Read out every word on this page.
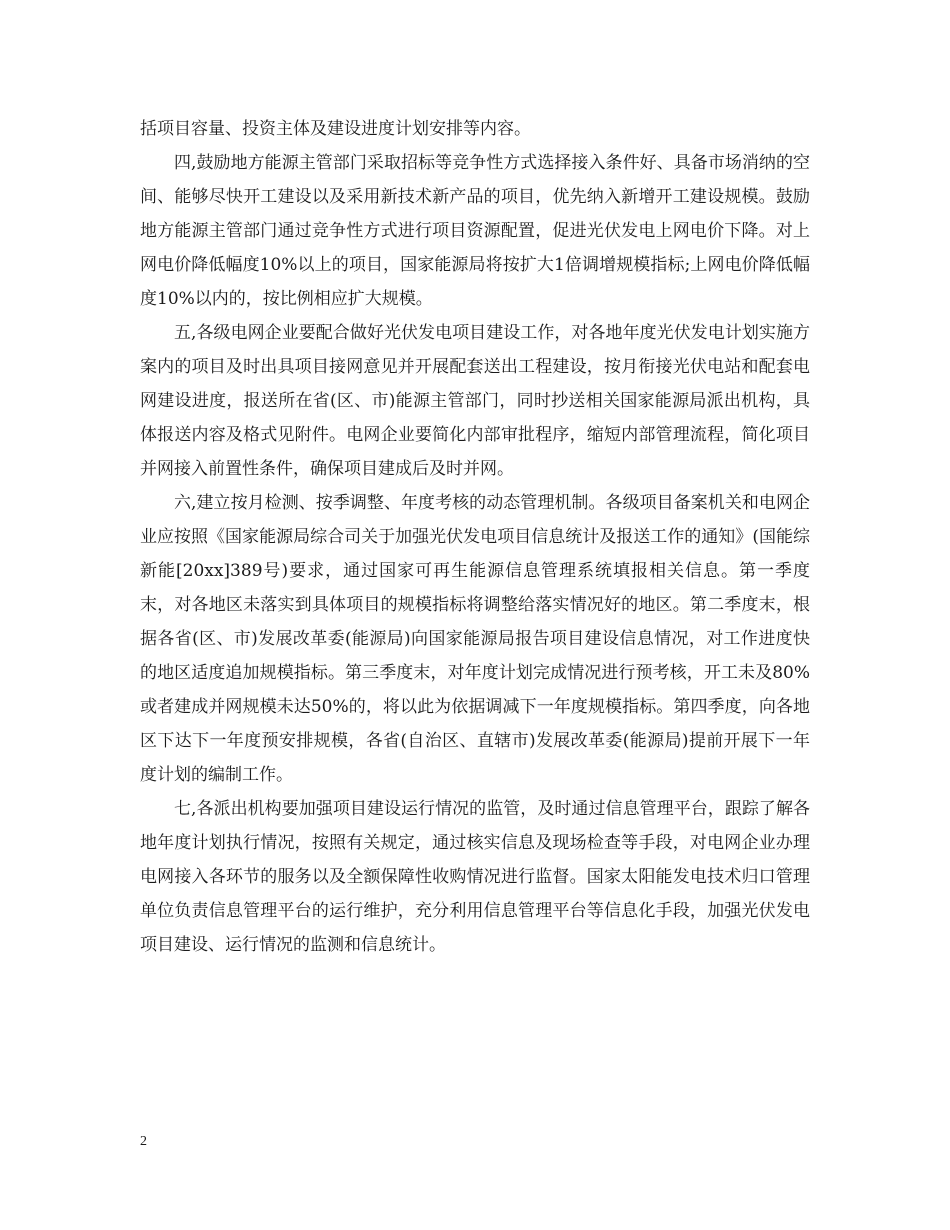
括项目容量、投资主体及建设进度计划安排等内容。

四,鼓励地方能源主管部门采取招标等竞争性方式选择接入条件好、具备市场消纳的空间、能够尽快开工建设以及采用新技术新产品的项目，优先纳入新增开工建设规模。鼓励地方能源主管部门通过竞争性方式进行项目资源配置，促进光伏发电上网电价下降。对上网电价降低幅度10%以上的项目，国家能源局将按扩大1倍调增规模指标;上网电价降低幅度10%以内的，按比例相应扩大规模。

五,各级电网企业要配合做好光伏发电项目建设工作，对各地年度光伏发电计划实施方案内的项目及时出具项目接网意见并开展配套送出工程建设，按月衔接光伏电站和配套电网建设进度，报送所在省(区、市)能源主管部门，同时抄送相关国家能源局派出机构，具体报送内容及格式见附件。电网企业要简化内部审批程序，缩短内部管理流程，简化项目并网接入前置性条件，确保项目建成后及时并网。

六,建立按月检测、按季调整、年度考核的动态管理机制。各级项目备案机关和电网企业应按照《国家能源局综合司关于加强光伏发电项目信息统计及报送工作的通知》(国能综新能[20xx]389号)要求，通过国家可再生能源信息管理系统填报相关信息。第一季度末，对各地区未落实到具体项目的规模指标将调整给落实情况好的地区。第二季度末，根据各省(区、市)发展改革委(能源局)向国家能源局报告项目建设信息情况，对工作进度快的地区适度追加规模指标。第三季度末，对年度计划完成情况进行预考核，开工未及80%或者建成并网规模未达50%的，将以此为依据调减下一年度规模指标。第四季度，向各地区下达下一年度预安排规模，各省(自治区、直辖市)发展改革委(能源局)提前开展下一年度计划的编制工作。

七,各派出机构要加强项目建设运行情况的监管，及时通过信息管理平台，跟踪了解各地年度计划执行情况，按照有关规定，通过核实信息及现场检查等手段，对电网企业办理电网接入各环节的服务以及全额保障性收购情况进行监督。国家太阳能发电技术归口管理单位负责信息管理平台的运行维护，充分利用信息管理平台等信息化手段，加强光伏发电项目建设、运行情况的监测和信息统计。

2
